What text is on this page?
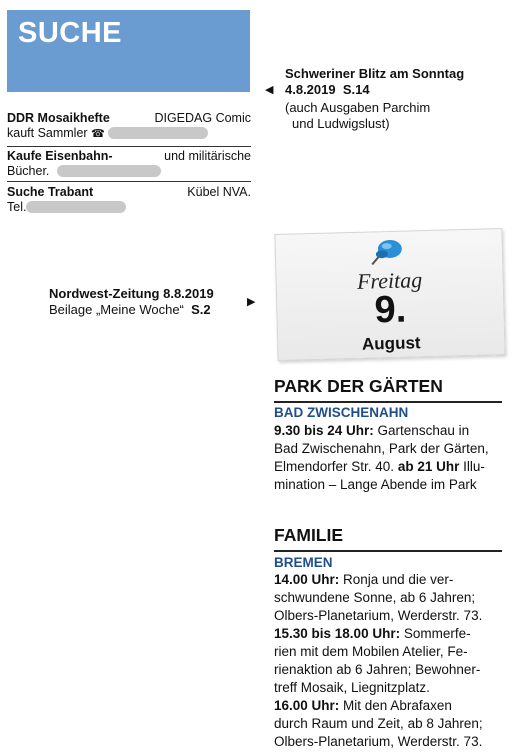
SUCHE
DDR Mosaikhefte	DIGEDAG Comic
kauft Sammler ☎
Kaufe Eisenbahn-	und militärische
Bücher.
Suche Trabant	Kübel NVA.
Tel.
◀
Schweriner Blitz am Sonntag
4.8.2019 S.14
(auch Ausgaben Parchim
und Ludwigslust)
Nordwest-Zeitung 8.8.2019
Beilage „Meine Woche“ S.2	▶
Freitag
9.
August
PARK DER GÄRTEN
BAD ZWISCHENAHN
9.30 bis 24 Uhr: Gartenschau in
Bad Zwischenahn, Park der Gärten,
Elmendorfer Str. 40. ab 21 Uhr Illu-
mination – Lange Abende im Park
FAMILIE
BREMEN
14.00 Uhr: Ronja und die ver-
schwundene Sonne, ab 6 Jahren;
Olbers-Planetarium, Werderstr. 73.
15.30 bis 18.00 Uhr: Sommerfe-
rien mit dem Mobilen Atelier, Fe-
rienaktion ab 6 Jahren; Bewohner-
treff Mosaik, Liegnitzplatz.
16.00 Uhr: Mit den Abrafaxen
durch Raum und Zeit, ab 8 Jahren;
Olbers-Planetarium, Werderstr. 73.
